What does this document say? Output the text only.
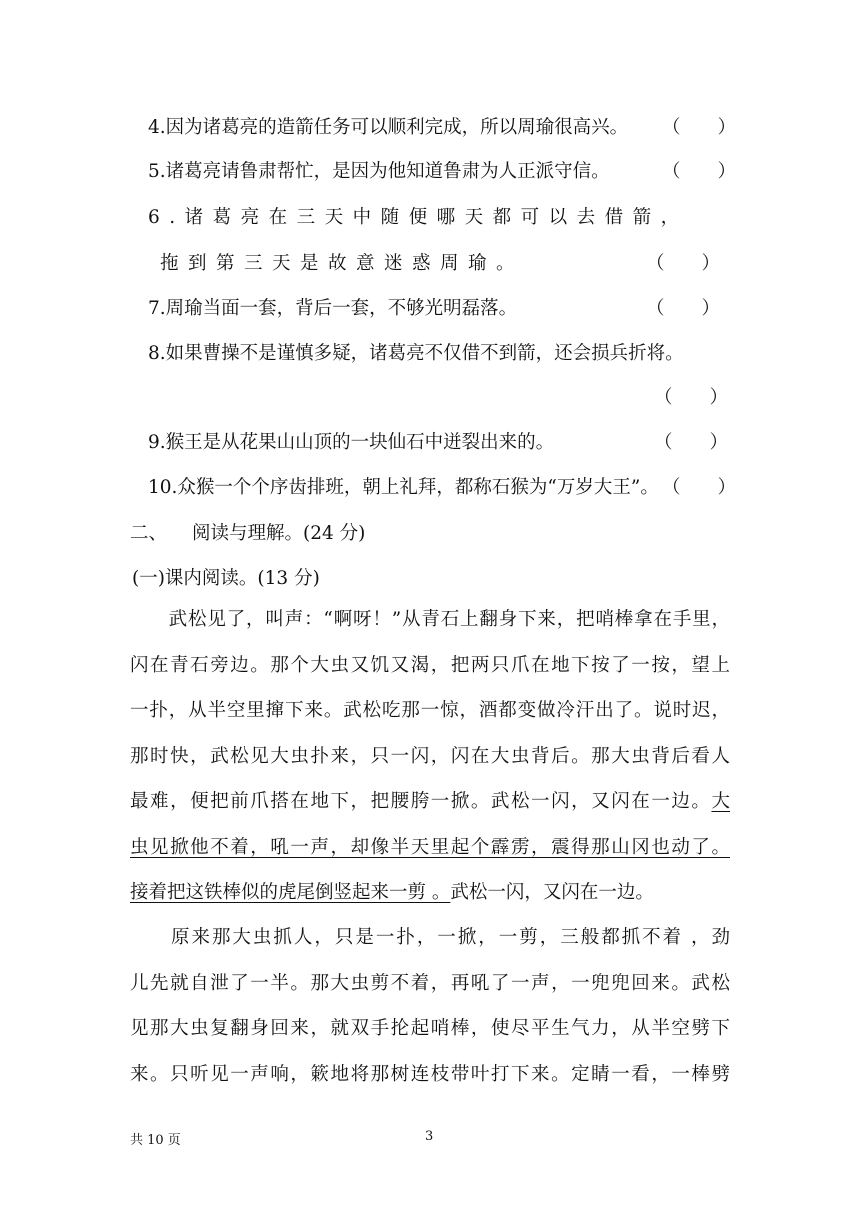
4.因为诸葛亮的造箭任务可以顺利完成，所以周瑜很高兴。 （　　）
5.诸葛亮请鲁肃帮忙，是因为他知道鲁肃为人正派守信。	（　　）
6.诸葛亮在三天中随便哪天都可以去借箭，
拖到第三天是故意迷惑周瑜。	（　　）
7.周瑜当面一套，背后一套，不够光明磊落。	（　　）
8.如果曹操不是谨慎多疑，诸葛亮不仅借不到箭，还会损兵折将。
（　　）
9.猴王是从花果山山顶的一块仙石中迸裂出来的。	（　　）
10.众猴一个个序齿排班，朝上礼拜，都称石猴为“万岁大王”。 （　　）
二、 阅读与理解。(24 分)
(一)课内阅读。(13 分)
　　武松见了，叫声：“啊呀！”从青石上翻身下来，把哨棒拿在手里，
闪在青石旁边。那个大虫又饥又渴，把两只爪在地下按了一按，望上
一扑，从半空里撺下来。武松吃那一惊，酒都变做冷汗出了。说时迟，
那时快，武松见大虫扑来，只一闪，闪在大虫背后。那大虫背后看人
最难，便把前爪搭在地下，把腰胯一掀。武松一闪，又闪在一边。大
虫见掀他不着，吼一声，却像半天里起个霹雳，震得那山冈也动了。
接着把这铁棒似的虎尾倒竖起来一剪 。武松一闪，又闪在一边。
　　原来那大虫抓人，只是一扑，一掀，一剪，三般都抓不着 ，劲
儿先就自泄了一半。那大虫剪不着，再吼了一声，一兜兜回来。武松
见那大虫复翻身回来，就双手抡起哨棒，使尽平生气力，从半空劈下
来。只听见一声响，簌地将那树连枝带叶打下来。定睛一看，一棒劈
共 10 页	3
